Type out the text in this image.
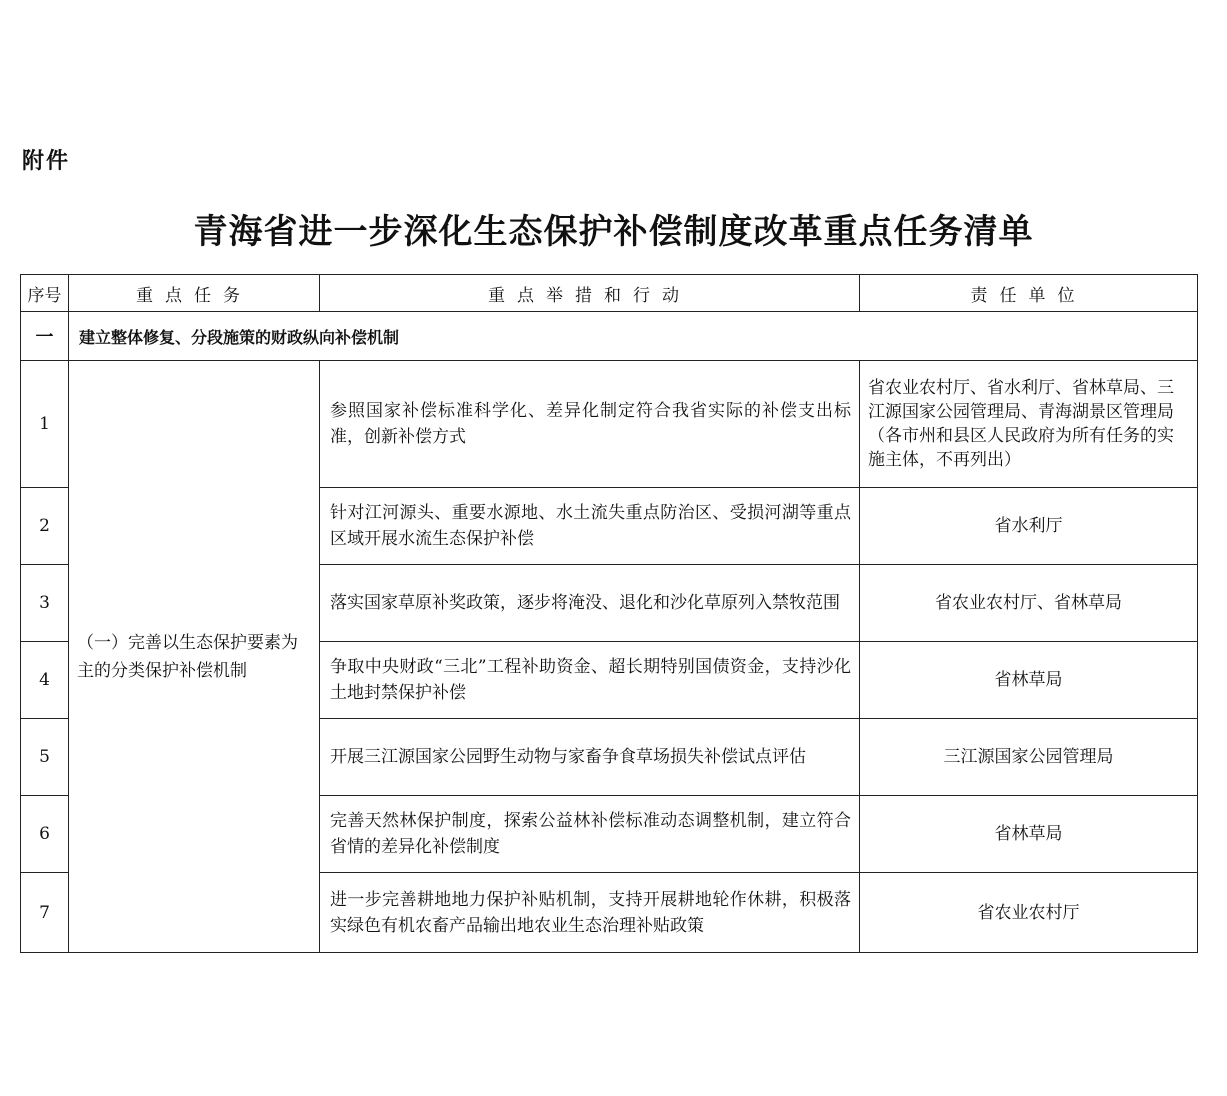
附件
青海省进一步深化生态保护补偿制度改革重点任务清单
序号	重点任务	重点举措和行动	责任单位
一	建立整体修复、分段施策的财政纵向补偿机制		
1	（一）完善以生态保护要素为主的分类保护补偿机制	参照国家补偿标准科学化、差异化制定符合我省实际的补偿支出标准，创新补偿方式	省农业农村厅、省水利厅、省林草局、三江源国家公园管理局、青海湖景区管理局（各市州和县区人民政府为所有任务的实施主体，不再列出）
2		针对江河源头、重要水源地、水土流失重点防治区、受损河湖等重点区域开展水流生态保护补偿	省水利厅
3		落实国家草原补奖政策，逐步将淹没、退化和沙化草原列入禁牧范围	省农业农村厅、省林草局
4		争取中央财政“三北”工程补助资金、超长期特别国债资金，支持沙化土地封禁保护补偿	省林草局
5		开展三江源国家公园野生动物与家畜争食草场损失补偿试点评估	三江源国家公园管理局
6		完善天然林保护制度，探索公益林补偿标准动态调整机制，建立符合省情的差异化补偿制度	省林草局
7		进一步完善耕地地力保护补贴机制，支持开展耕地轮作休耕，积极落实绿色有机农畜产品输出地农业生态治理补贴政策	省农业农村厅
